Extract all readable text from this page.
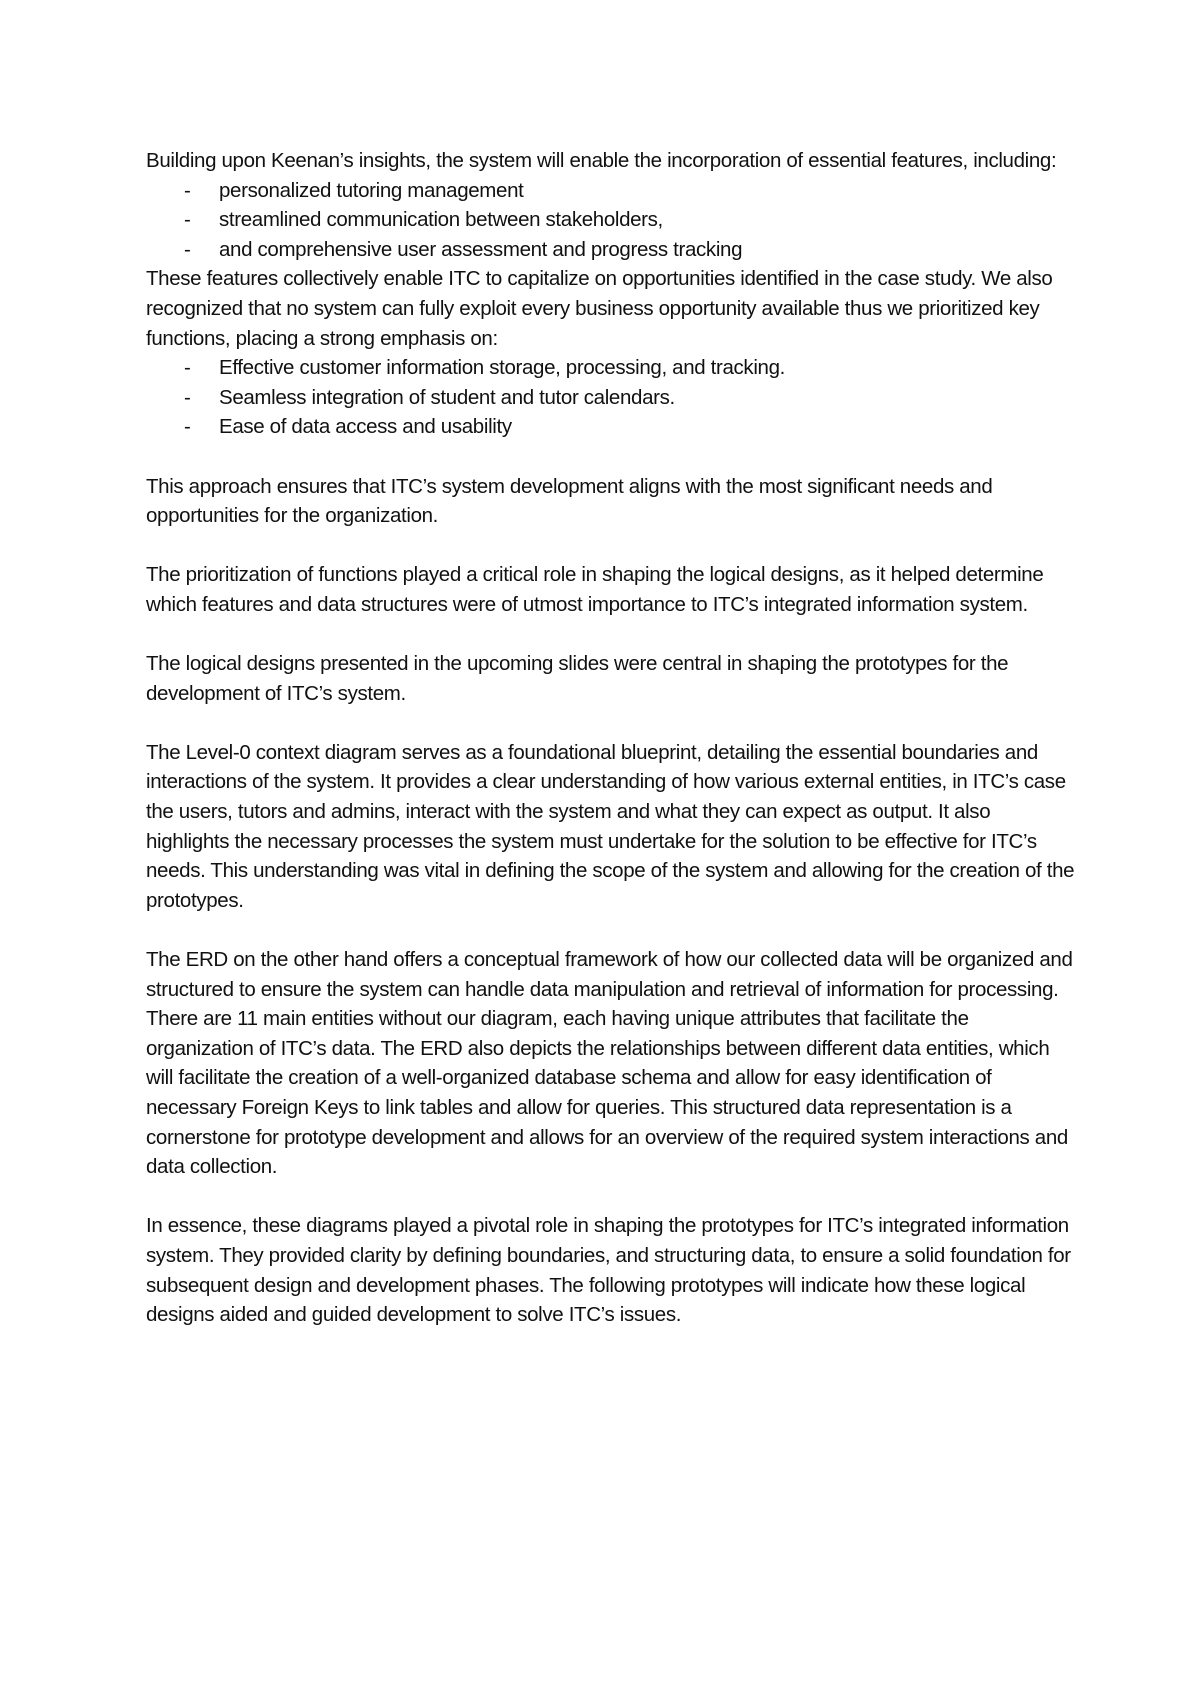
Building upon Keenan’s insights, the system will enable the incorporation of essential features, including:

- personalized tutoring management
- streamlined communication between stakeholders,
- and comprehensive user assessment and progress tracking

These features collectively enable ITC to capitalize on opportunities identified in the case study. We also recognized that no system can fully exploit every business opportunity available thus we prioritized key functions, placing a strong emphasis on:

- Effective customer information storage, processing, and tracking.
- Seamless integration of student and tutor calendars.
- Ease of data access and usability

This approach ensures that ITC’s system development aligns with the most significant needs and opportunities for the organization.

The prioritization of functions played a critical role in shaping the logical designs, as it helped determine which features and data structures were of utmost importance to ITC’s integrated information system.

The logical designs presented in the upcoming slides were central in shaping the prototypes for the development of ITC’s system.

The Level-0 context diagram serves as a foundational blueprint, detailing the essential boundaries and interactions of the system. It provides a clear understanding of how various external entities, in ITC’s case the users, tutors and admins, interact with the system and what they can expect as output. It also highlights the necessary processes the system must undertake for the solution to be effective for ITC’s needs. This understanding was vital in defining the scope of the system and allowing for the creation of the prototypes.

The ERD on the other hand offers a conceptual framework of how our collected data will be organized and structured to ensure the system can handle data manipulation and retrieval of information for processing. There are 11 main entities without our diagram, each having unique attributes that facilitate the organization of ITC’s data. The ERD also depicts the relationships between different data entities, which will facilitate the creation of a well-organized database schema and allow for easy identification of necessary Foreign Keys to link tables and allow for queries. This structured data representation is a cornerstone for prototype development and allows for an overview of the required system interactions and data collection.

In essence, these diagrams played a pivotal role in shaping the prototypes for ITC’s integrated information system. They provided clarity by defining boundaries, and structuring data, to ensure a solid foundation for subsequent design and development phases. The following prototypes will indicate how these logical designs aided and guided development to solve ITC’s issues.
